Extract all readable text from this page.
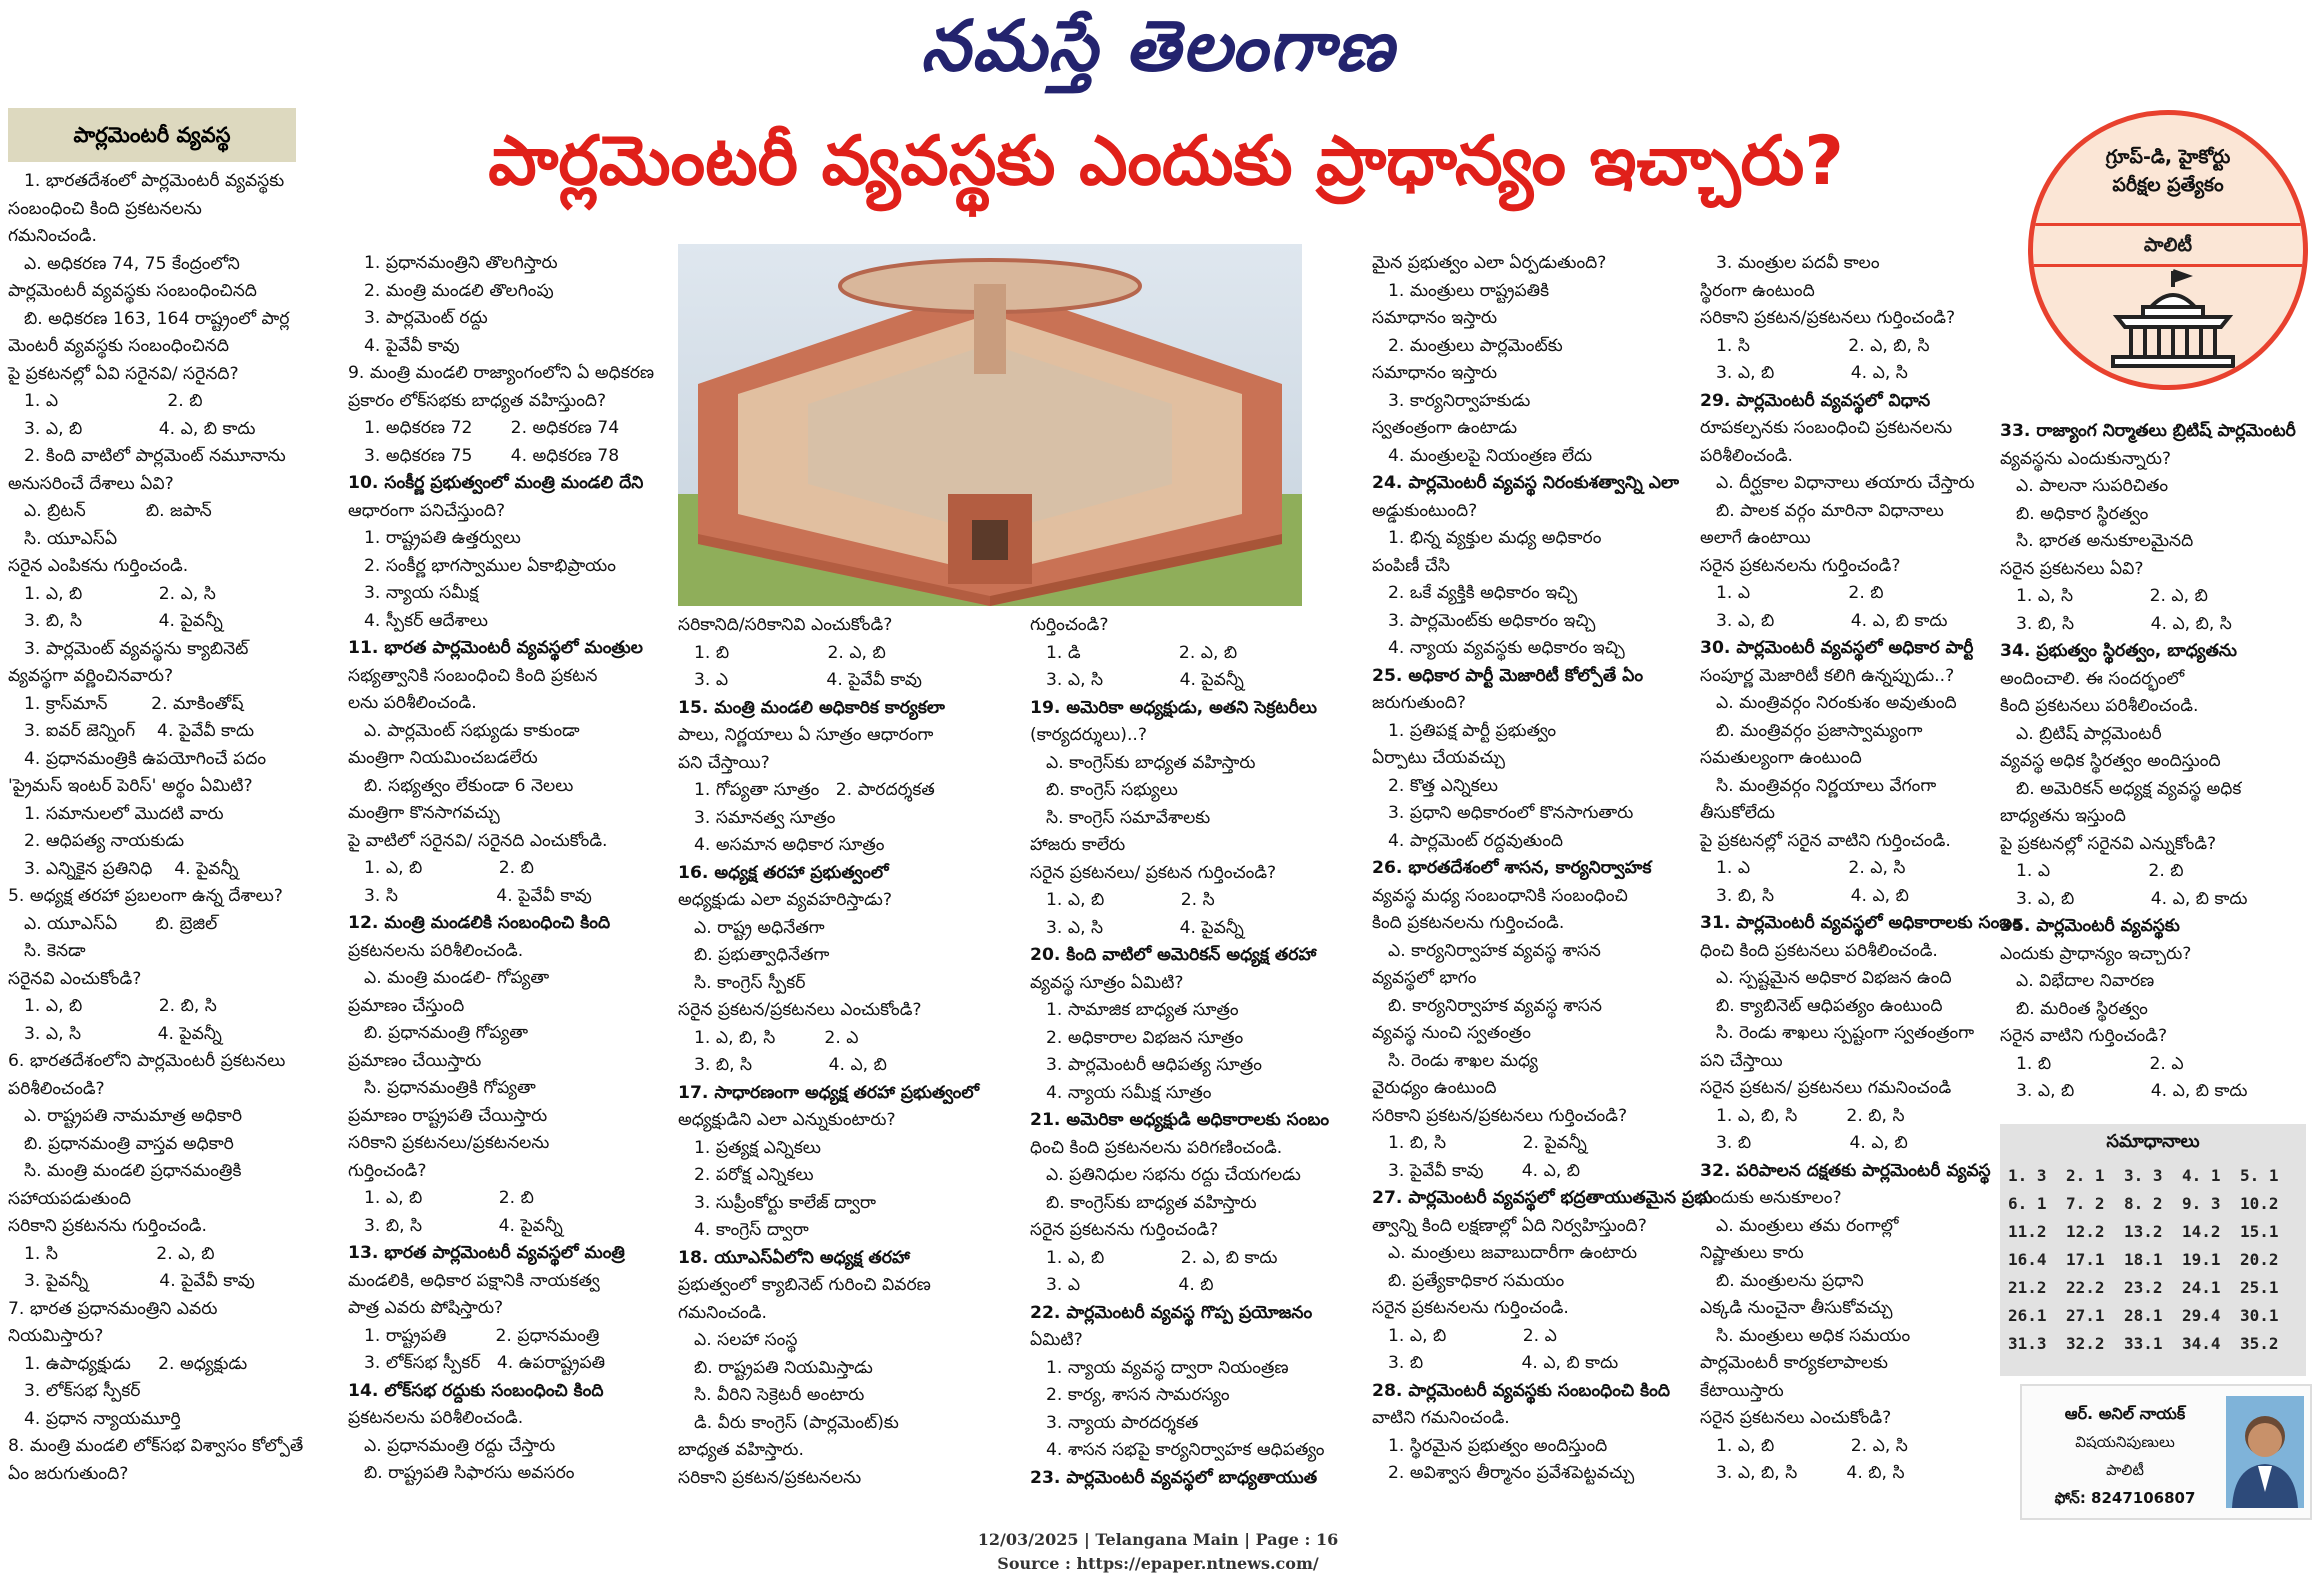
నమస్తే తెలంగాణ
పార్లమెంటరీ వ్యవస్థ	పార్లమెంటరీ వ్యవస్థకు ఎందుకు ప్రాధాన్యం ఇచ్చారు?	గ్రూప్-డి, హైకోర్టు
పరీక్షల ప్రత్యేకం
పాలిటీ
1. భారతదేశంలో పార్లమెంటరీ వ్యవస్థకు
సంబంధించి కింది ప్రకటనలను
గమనించండి.
ఎ. అధికరణ 74, 75 కేంద్రంలోని
పార్లమెంటరీ వ్యవస్థకు సంబంధించినది
బి. అధికరణ 163, 164 రాష్ట్రంలో పార్ల
మెంటరీ వ్యవస్థకు సంబంధించినది
పై ప్రకటనల్లో ఏవి సరైనవి/ సరైనది?
1. ఎ                    2. బి
3. ఎ, బి              4. ఎ, బి కాదు
2. కింది వాటిలో పార్లమెంట్ నమూనాను
అనుసరించే దేశాలు ఏవి?
ఎ. బ్రిటన్           బి. జపాన్
సి. యూఎస్ఏ
సరైన ఎంపికను గుర్తించండి.
1. ఎ, బి              2. ఎ, సి
3. బి, సి              4. పైవన్నీ
3. పార్లమెంట్ వ్యవస్థను క్యాబినెట్
వ్యవస్థగా వర్ణించినవారు?
1. క్రాస్‌మాన్        2. మాకింతోష్
3. ఐవర్ జెన్నింగ్    4. పైవేవీ కాదు
4. ప్రధానమంత్రికి ఉపయోగించే పదం
'ప్రైమస్ ఇంటర్ పెరిస్' అర్థం ఏమిటి?
1. సమానులలో మొదటి వారు
2. ఆధిపత్య నాయకుడు
3. ఎన్నికైన ప్రతినిధి    4. పైవన్నీ
5. అధ్యక్ష తరహా ప్రబలంగా ఉన్న దేశాలు?
ఎ. యూఎస్ఏ       బి. బ్రెజిల్
సి. కెనడా
సరైనవి ఎంచుకోండి?
1. ఎ, బి              2. బి, సి
3. ఎ, సి              4. పైవన్నీ
6. భారతదేశంలోని పార్లమెంటరీ ప్రకటనలు
పరిశీలించండి?
ఎ. రాష్ట్రపతి నామమాత్ర అధికారి
బి. ప్రధానమంత్రి వాస్తవ అధికారి
సి. మంత్రి మండలి ప్రధానమంత్రికి
సహాయపడుతుంది
సరికాని ప్రకటనను గుర్తించండి.
1. సి                  2. ఎ, బి
3. పైవన్నీ             4. పైవేవీ కావు
7. భారత ప్రధానమంత్రిని ఎవరు
నియమిస్తారు?
1. ఉపాధ్యక్షుడు     2. అధ్యక్షుడు
3. లోక్‌సభ స్పీకర్
4. ప్రధాన న్యాయమూర్తి
8. మంత్రి మండలి లోక్‌సభ విశ్వాసం కోల్పోతే
ఏం జరుగుతుంది?
1. ప్రధానమంత్రిని తొలగిస్తారు
2. మంత్రి మండలి తొలగింపు
3. పార్లమెంట్ రద్దు
4. పైవేవీ కావు
9. మంత్రి మండలి రాజ్యాంగంలోని ఏ అధికరణ
ప్రకారం లోక్‌సభకు బాధ్యత వహిస్తుంది?
1. అధికరణ 72       2. అధికరణ 74
3. అధికరణ 75       4. అధికరణ 78
10. సంకీర్ణ ప్రభుత్వంలో మంత్రి మండలి దేని
ఆధారంగా పనిచేస్తుంది?
1. రాష్ట్రపతి ఉత్తర్వులు
2. సంకీర్ణ భాగస్వాముల ఏకాభిప్రాయం
3. న్యాయ సమీక్ష
4. స్పీకర్ ఆదేశాలు
11. భారత పార్లమెంటరీ వ్యవస్థలో మంత్రుల
సభ్యత్వానికి సంబంధించి కింది ప్రకటన
లను పరిశీలించండి.
ఎ. పార్లమెంట్ సభ్యుడు కాకుండా
మంత్రిగా నియమించబడలేరు
బి. సభ్యత్వం లేకుండా 6 నెలలు
మంత్రిగా కొనసాగవచ్చు
పై వాటిలో సరైనవి/ సరైనది ఎంచుకోండి.
1. ఎ, బి              2. బి
3. సి                  4. పైవేవీ కావు
12. మంత్రి మండలికి సంబంధించి కింది
ప్రకటనలను పరిశీలించండి.
ఎ. మంత్రి మండలి- గోప్యతా
ప్రమాణం చేస్తుంది
బి. ప్రధానమంత్రి గోప్యతా
ప్రమాణం చేయిస్తారు
సి. ప్రధానమంత్రికి గోప్యతా
ప్రమాణం రాష్ట్రపతి చేయిస్తారు
సరికాని ప్రకటనలు/ప్రకటనలను
గుర్తించండి?
1. ఎ, బి              2. బి
3. బి, సి              4. పైవన్నీ
13. భారత పార్లమెంటరీ వ్యవస్థలో మంత్రి
మండలికి, అధికార పక్షానికి నాయకత్వ
పాత్ర ఎవరు పోషిస్తారు?
1. రాష్ట్రపతి         2. ప్రధానమంత్రి
3. లోక్‌సభ స్పీకర్   4. ఉపరాష్ట్రపతి
14. లోక్‌సభ రద్దుకు సంబంధించి కింది
ప్రకటనలను పరిశీలించండి.
ఎ. ప్రధానమంత్రి రద్దు చేస్తారు
బి. రాష్ట్రపతి సిఫారసు అవసరం
సరికానిది/సరికానివి ఎంచుకోండి?
1. బి                  2. ఎ, బి
3. ఎ                  4. పైవేవీ కావు
15. మంత్రి మండలి అధికారిక కార్యకలా
పాలు, నిర్ణయాలు ఏ సూత్రం ఆధారంగా
పని చేస్తాయి?
1. గోప్యతా సూత్రం   2. పారదర్శకత
3. సమానత్వ సూత్రం
4. అసమాన అధికార సూత్రం
16. అధ్యక్ష తరహా ప్రభుత్వంలో
అధ్యక్షుడు ఎలా వ్యవహరిస్తాడు?
ఎ. రాష్ట్ర అధినేతగా
బి. ప్రభుత్వాధినేతగా
సి. కాంగ్రెస్ స్పీకర్
సరైన ప్రకటన/ప్రకటనలు ఎంచుకోండి?
1. ఎ, బి, సి         2. ఎ
3. బి, సి              4. ఎ, బి
17. సాధారణంగా అధ్యక్ష తరహా ప్రభుత్వంలో
అధ్యక్షుడిని ఎలా ఎన్నుకుంటారు?
1. ప్రత్యక్ష ఎన్నికలు
2. పరోక్ష ఎన్నికలు
3. సుప్రీంకోర్టు కాలేజ్ ద్వారా
4. కాంగ్రెస్ ద్వారా
18. యూఎస్ఏలోని అధ్యక్ష తరహా
ప్రభుత్వంలో క్యాబినెట్ గురించి వివరణ
గమనించండి.
ఎ. సలహా సంస్థ
బి. రాష్ట్రపతి నియమిస్తాడు
సి. వీరిని సెక్రెటరీ అంటారు
డి. వీరు కాంగ్రెస్ (పార్లమెంట్)కు
బాధ్యత వహిస్తారు.
సరికాని ప్రకటన/ప్రకటనలను
గుర్తించండి?
1. డి                  2. ఎ, బి
3. ఎ, సి              4. పైవన్నీ
19. అమెరికా అధ్యక్షుడు, అతని సెక్రటరీలు
(కార్యదర్శులు)..?
ఎ. కాంగ్రెస్‌కు బాధ్యత వహిస్తారు
బి. కాంగ్రెస్ సభ్యులు
సి. కాంగ్రెస్ సమావేశాలకు
హాజరు కాలేరు
సరైన ప్రకటనలు/ ప్రకటన గుర్తించండి?
1. ఎ, బి              2. సి
3. ఎ, సి              4. పైవన్నీ
20. కింది వాటిలో అమెరికన్ అధ్యక్ష తరహా
వ్యవస్థ సూత్రం ఏమిటి?
1. సామాజిక బాధ్యత సూత్రం
2. అధికారాల విభజన సూత్రం
3. పార్లమెంటరీ ఆధిపత్య సూత్రం
4. న్యాయ సమీక్ష సూత్రం
21. అమెరికా అధ్యక్షుడి అధికారాలకు సంబం
ధించి కింది ప్రకటనలను పరిగణించండి.
ఎ. ప్రతినిధుల సభను రద్దు చేయగలడు
బి. కాంగ్రెస్‌కు బాధ్యత వహిస్తారు
సరైన ప్రకటనను గుర్తించండి?
1. ఎ, బి              2. ఎ, బి కాదు
3. ఎ                  4. బి
22. పార్లమెంటరీ వ్యవస్థ గొప్ప ప్రయోజనం
ఏమిటి?
1. న్యాయ వ్యవస్థ ద్వారా నియంత్రణ
2. కార్య, శాసన సామరస్యం
3. న్యాయ పారదర్శకత
4. శాసన సభపై కార్యనిర్వాహక ఆధిపత్యం
23. పార్లమెంటరీ వ్యవస్థలో బాధ్యతాయుత
మైన ప్రభుత్వం ఎలా ఏర్పడుతుంది?
1. మంత్రులు రాష్ట్రపతికి
సమాధానం ఇస్తారు
2. మంత్రులు పార్లమెంట్‌కు
సమాధానం ఇస్తారు
3. కార్యనిర్వాహకుడు
స్వతంత్రంగా ఉంటాడు
4. మంత్రులపై నియంత్రణ లేదు
24. పార్లమెంటరీ వ్యవస్థ నిరంకుశత్వాన్ని ఎలా
అడ్డుకుంటుంది?
1. భిన్న వ్యక్తుల మధ్య అధికారం
పంపిణీ చేసి
2. ఒకే వ్యక్తికి అధికారం ఇచ్చి
3. పార్లమెంట్‌కు అధికారం ఇచ్చి
4. న్యాయ వ్యవస్థకు అధికారం ఇచ్చి
25. అధికార పార్టీ మెజారిటీ కోల్పోతే ఏం
జరుగుతుంది?
1. ప్రతిపక్ష పార్టీ ప్రభుత్వం
ఏర్పాటు చేయవచ్చు
2. కొత్త ఎన్నికలు
3. ప్రధాని అధికారంలో కొనసాగుతారు
4. పార్లమెంట్ రద్దవుతుంది
26. భారతదేశంలో శాసన, కార్యనిర్వాహక
వ్యవస్థ మధ్య సంబంధానికి సంబంధించి
కింది ప్రకటనలను గుర్తించండి.
ఎ. కార్యనిర్వాహక వ్యవస్థ శాసన
వ్యవస్థలో భాగం
బి. కార్యనిర్వాహక వ్యవస్థ శాసన
వ్యవస్థ నుంచి స్వతంత్రం
సి. రెండు శాఖల మధ్య
వైరుధ్యం ఉంటుంది
సరికాని ప్రకటన/ప్రకటనలు గుర్తించండి?
1. బి, సి              2. పైవన్నీ
3. పైవేవీ కావు       4. ఎ, బి
27. పార్లమెంటరీ వ్యవస్థలో భద్రతాయుతమైన ప్రభు
త్వాన్ని కింది లక్షణాల్లో ఏది నిర్వహిస్తుంది?
ఎ. మంత్రులు జవాబుదారీగా ఉంటారు
బి. ప్రత్యేకాధికార సమయం
సరైన ప్రకటనలను గుర్తించండి.
1. ఎ, బి              2. ఎ
3. బి                  4. ఎ, బి కాదు
28. పార్లమెంటరీ వ్యవస్థకు సంబంధించి కింది
వాటిని గమనించండి.
1. స్థిరమైన ప్రభుత్వం అందిస్తుంది
2. అవిశ్వాస తీర్మానం ప్రవేశపెట్టవచ్చు
3. మంత్రుల పదవీ కాలం
స్థిరంగా ఉంటుంది
సరికాని ప్రకటన/ప్రకటనలు గుర్తించండి?
1. సి                  2. ఎ, బి, సి
3. ఎ, బి              4. ఎ, సి
29. పార్లమెంటరీ వ్యవస్థలో విధాన
రూపకల్పనకు సంబంధించి ప్రకటనలను
పరిశీలించండి.
ఎ. దీర్ఘకాల విధానాలు తయారు చేస్తారు
బి. పాలక వర్గం మారినా విధానాలు
అలాగే ఉంటాయి
సరైన ప్రకటనలను గుర్తించండి?
1. ఎ                  2. బి
3. ఎ, బి              4. ఎ, బి కాదు
30. పార్లమెంటరీ వ్యవస్థలో అధికార పార్టీ
సంపూర్ణ మెజారిటీ కలిగి ఉన్నప్పుడు..?
ఎ. మంత్రివర్గం నిరంకుశం అవుతుంది
బి. మంత్రివర్గం ప్రజాస్వామ్యంగా
సమతుల్యంగా ఉంటుంది
సి. మంత్రివర్గం నిర్ణయాలు వేగంగా
తీసుకోలేదు
పై ప్రకటనల్లో సరైన వాటిని గుర్తించండి.
1. ఎ                  2. ఎ, సి
3. బి, సి              4. ఎ, బి
31. పార్లమెంటరీ వ్యవస్థలో అధికారాలకు సంబం
ధించి కింది ప్రకటనలు పరిశీలించండి.
ఎ. స్పష్టమైన అధికార విభజన ఉంది
బి. క్యాబినెట్ ఆధిపత్యం ఉంటుంది
సి. రెండు శాఖలు స్పష్టంగా స్వతంత్రంగా
పని చేస్తాయి
సరైన ప్రకటన/ ప్రకటనలు గమనించండి
1. ఎ, బి, సి         2. బి, సి
3. బి                  4. ఎ, బి
32. పరిపాలన దక్షతకు పార్లమెంటరీ వ్యవస్థ
ఎందుకు అనుకూలం?
ఎ. మంత్రులు తమ రంగాల్లో
నిష్ణాతులు కారు
బి. మంత్రులను ప్రధాని
ఎక్కడి నుంచైనా తీసుకోవచ్చు
సి. మంత్రులు అధిక సమయం
పార్లమెంటరీ కార్యకలాపాలకు
కేటాయిస్తారు
సరైన ప్రకటనలు ఎంచుకోండి?
1. ఎ, బి              2. ఎ, సి
3. ఎ, బి, సి         4. బి, సి
33. రాజ్యాంగ నిర్మాతలు బ్రిటిష్ పార్లమెంటరీ
వ్యవస్థను ఎందుకున్నారు?
ఎ. పాలనా సుపరిచితం
బి. అధికార స్థిరత్వం
సి. భారత అనుకూలమైనది
సరైన ప్రకటనలు ఏవి?
1. ఎ, సి              2. ఎ, బి
3. బి, సి              4. ఎ, బి, సి
34. ప్రభుత్వం స్థిరత్వం, బాధ్యతను
అందించాలి. ఈ సందర్భంలో
కింది ప్రకటనలు పరిశీలించండి.
ఎ. బ్రిటిష్ పార్లమెంటరీ
వ్యవస్థ అధిక స్థిరత్వం అందిస్తుంది
బి. అమెరికన్ అధ్యక్ష వ్యవస్థ అధిక
బాధ్యతను ఇస్తుంది
పై ప్రకటనల్లో సరైనవి ఎన్నుకోండి?
1. ఎ                  2. బి
3. ఎ, బి              4. ఎ, బి కాదు
35. పార్లమెంటరీ వ్యవస్థకు
ఎందుకు ప్రాధాన్యం ఇచ్చారు?
ఎ. విభేదాల నివారణ
బి. మరింత స్థిరత్వం
సరైన వాటిని గుర్తించండి?
1. బి                  2. ఎ
3. ఎ, బి              4. ఎ, బి కాదు
సమాధానాలు
1. 3	2. 1	3. 3	4. 1	5. 1
6. 1	7. 2	8. 2	9. 3	10.2
11.2	12.2	13.2	14.2	15.1
16.4	17.1	18.1	19.1	20.2
21.2	22.2	23.2	24.1	25.1
26.1	27.1	28.1	29.4	30.1
31.3	32.2	33.1	34.4	35.2
ఆర్. అనిల్ నాయక్
విషయనిపుణులు
పాలిటీ
ఫోన్: 8247106807
12/03/2025 | Telangana Main | Page : 16
Source : https://epaper.ntnews.com/
